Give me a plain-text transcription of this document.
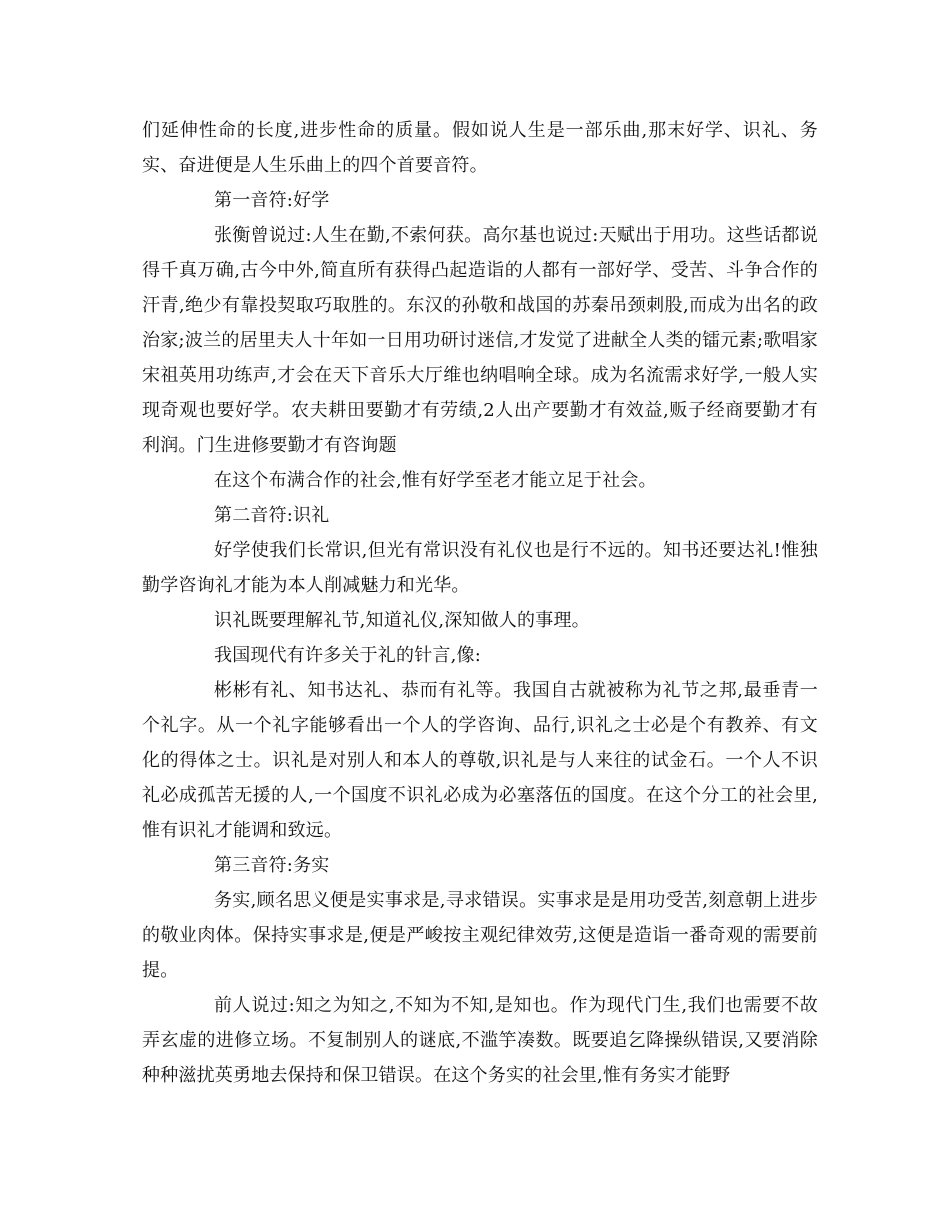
们延伸性命的长度,进步性命的质量。假如说人生是一部乐曲,那末好学、识礼、务实、奋进便是人生乐曲上的四个首要音符。

第一音符:好学

张衡曾说过:人生在勤,不索何获。高尔基也说过:天赋出于用功。这些话都说得千真万确,古今中外,简直所有获得凸起造诣的人都有一部好学、受苦、斗争合作的汗青,绝少有靠投契取巧取胜的。东汉的孙敬和战国的苏秦吊颈刺股,而成为出名的政治家;波兰的居里夫人十年如一日用功研讨迷信,才发觉了进献全人类的镭元素;歌唱家宋祖英用功练声,才会在天下音乐大厅维也纳唱响全球。成为名流需求好学,一般人实现奇观也要好学。农夫耕田要勤才有劳绩,2人出产要勤才有效益,贩子经商要勤才有利润。门生进修要勤才有咨询题

在这个布满合作的社会,惟有好学至老才能立足于社会。

第二音符:识礼

好学使我们长常识,但光有常识没有礼仪也是行不远的。知书还要达礼!惟独勤学咨询礼才能为本人削减魅力和光华。

识礼既要理解礼节,知道礼仪,深知做人的事理。

我国现代有许多关于礼的针言,像:

彬彬有礼、知书达礼、恭而有礼等。我国自古就被称为礼节之邦,最垂青一个礼字。从一个礼字能够看出一个人的学咨询、品行,识礼之士必是个有教养、有文化的得体之士。识礼是对别人和本人的尊敬,识礼是与人来往的试金石。一个人不识礼必成孤苦无援的人,一个国度不识礼必成为必塞落伍的国度。在这个分工的社会里,惟有识礼才能调和致远。

第三音符:务实

务实,顾名思义便是实事求是,寻求错误。实事求是是用功受苦,刻意朝上进步的敬业肉体。保持实事求是,便是严峻按主观纪律效劳,这便是造诣一番奇观的需要前提。

前人说过:知之为知之,不知为不知,是知也。作为现代门生,我们也需要不故弄玄虚的进修立场。不复制别人的谜底,不滥竽凑数。既要追乞降操纵错误,又要消除种种滋扰英勇地去保持和保卫错误。在这个务实的社会里,惟有务实才能野
